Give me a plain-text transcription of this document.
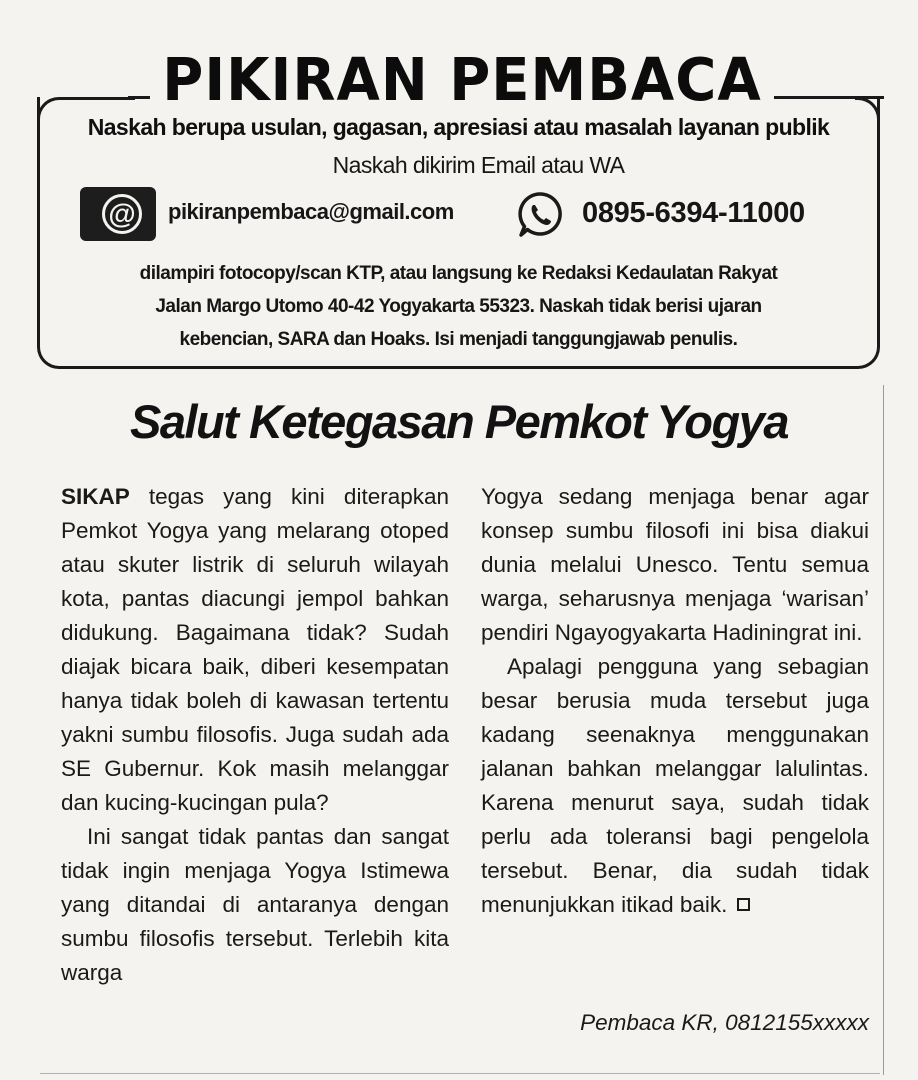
PIKIRAN PEMBACA
Naskah berupa usulan, gagasan, apresiasi atau masalah layanan publik
Naskah dikirim Email atau WA
@ pikiranpembaca@gmail.com	0895-6394-11000
dilampiri fotocopy/scan KTP, atau langsung ke Redaksi Kedaulatan Rakyat
Jalan Margo Utomo 40-42 Yogyakarta 55323. Naskah tidak berisi ujaran
kebencian, SARA dan Hoaks. Isi menjadi tanggungjawab penulis.
Salut Ketegasan Pemkot Yogya

SIKAP tegas yang kini diterapkan Pemkot Yogya yang melarang otoped atau skuter listrik di seluruh wilayah kota, pantas diacungi jempol bahkan didukung. Bagaimana tidak? Sudah diajak bicara baik, diberi kesempatan hanya tidak boleh di kawasan tertentu yakni sumbu filosofis. Juga sudah ada SE Gubernur. Kok masih melanggar dan kucing-kucingan pula?

Ini sangat tidak pantas dan sangat tidak ingin menjaga Yogya Istimewa yang ditandai di antaranya dengan sumbu filosofis tersebut. Terlebih kita warga

Yogya sedang menjaga benar agar konsep sumbu filosofi ini bisa diakui dunia melalui Unesco. Tentu semua warga, seharusnya menjaga ‘warisan’ pendiri Ngayogyakarta Hadiningrat ini.

Apalagi pengguna yang sebagian besar berusia muda tersebut juga kadang seenaknya menggunakan jalanan bahkan melanggar lalulintas. Karena menurut saya, sudah tidak perlu ada toleransi bagi pengelola tersebut. Benar, dia sudah tidak menunjukkan itikad baik.

Pembaca KR, 0812155xxxxx
